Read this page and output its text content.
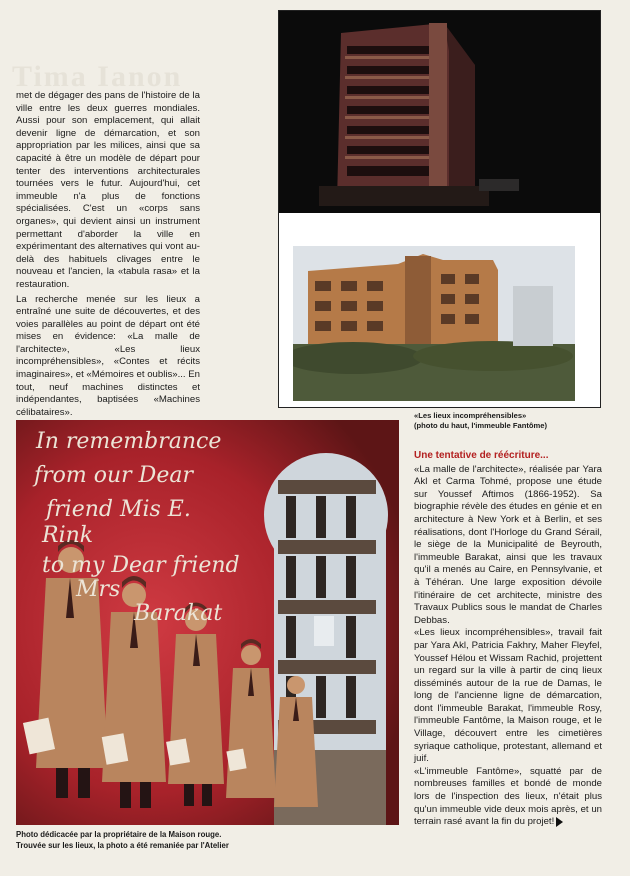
Tima Ianon

met de dégager des pans de l'histoire de la ville entre les deux guerres mondiales. Aussi pour son emplacement, qui allait devenir ligne de démarcation, et son appropriation par les milices, ainsi que sa capacité à être un modèle de départ pour tenter des interventions architecturales tournées vers le futur. Aujourd'hui, cet immeuble n'a plus de fonctions spécialisées. C'est un «corps sans organes», qui devient ainsi un instrument permettant d'aborder la ville en expérimentant des alternatives qui vont au-delà des habituels clivages entre le nouveau et l'ancien, la «tabula rasa» et la restauration.

La recherche menée sur les lieux a entraîné une suite de découvertes, et des voies parallèles au point de départ ont été mises en évidence: «La malle de l'architecte», «Les lieux incompréhensibles», «Contes et récits imaginaires», et «Mémoires et oublis»... En tout, neuf machines distinctes et indépendantes, baptisées «Machines célibataires».	«Les lieux incompréhensibles»
(photo du haut, l'immeuble Fantôme)
In remembrance
from our Dear
friend Mis E.
Rink
to my Dear friend
Mrs
Barakat
Photo dédicacée par la propriétaire de la Maison rouge.
Trouvée sur les lieux, la photo a été remaniée par l'Atelier
Une tentative de réécriture...

«La malle de l'architecte», réalisée par Yara Akl et Carma Tohmé, propose une étude sur Youssef Aftimos (1866-1952). Sa biographie révèle des études en génie et en architecture à New York et à Berlin, et ses réalisations, dont l'Horloge du Grand Sérail, le siège de la Municipalité de Beyrouth, l'immeuble Barakat, ainsi que les travaux qu'il a menés au Caire, en Pennsylvanie, et à Téhéran. Une large exposition dévoile l'itinéraire de cet architecte, ministre des Travaux Publics sous le mandat de Charles Debbas.

«Les lieux incompréhensibles», travail fait par Yara Akl, Patricia Fakhry, Maher Fleyfel, Youssef Hélou et Wissam Rachid, projettent un regard sur la ville à partir de cinq lieux disséminés autour de la rue de Damas, le long de l'ancienne ligne de démarcation, dont l'immeuble Barakat, l'immeuble Rosy, l'immeuble Fantôme, la Maison rouge, et le Village, découvert entre les cimetières syriaque catholique, protestant, allemand et juif.

«L'immeuble Fantôme», squatté par de nombreuses familles et bondé de monde lors de l'inspection des lieux, n'était plus qu'un immeuble vide deux mois après, et un terrain rasé avant la fin du projet!
